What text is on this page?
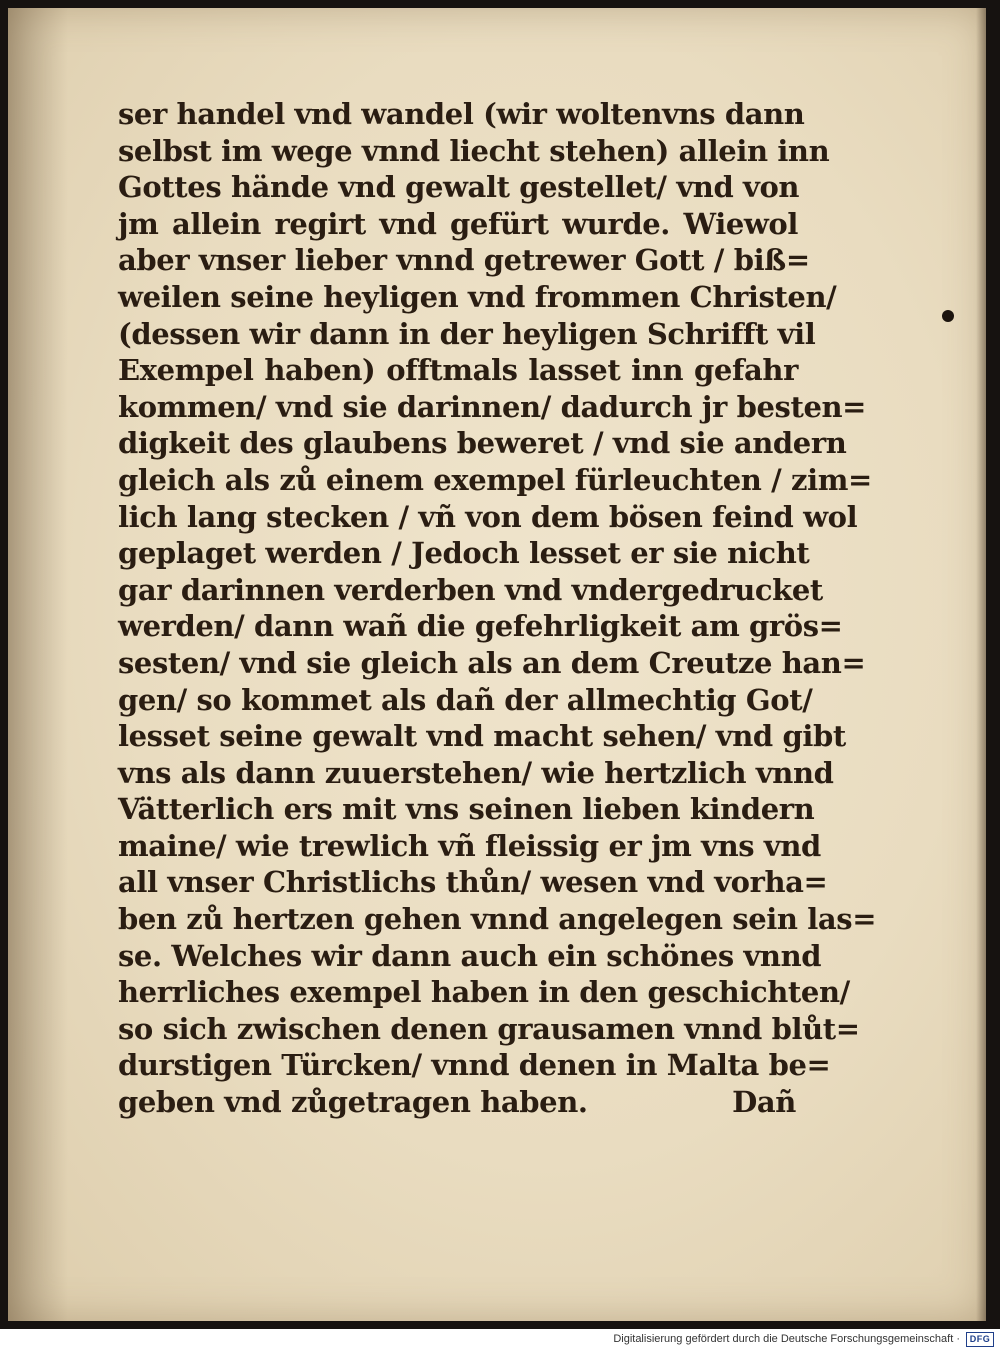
ser handel vnd wandel (wir woltenvns dann
selbst im wege vnnd liecht stehen) allein inn
Gottes hände vnd gewalt gestellet/ vnd von
jm allein regirt vnd gefürt wurde. Wiewol
aber vnser lieber vnnd getrewer Gott / biß=
weilen seine heyligen vnd frommen Christen/
(dessen wir dann in der heyligen Schrifft vil
Exempel haben) offtmals lasset inn gefahr
kommen/ vnd sie darinnen/ dadurch jr besten=
digkeit des glaubens beweret / vnd sie andern
gleich als zů einem exempel fürleuchten / zim=
lich lang stecken / vñ von dem bösen feind wol
geplaget werden / Jedoch lesset er sie nicht
gar darinnen verderben vnd vndergedrucket
werden/ dann wañ die gefehrligkeit am grös=
sesten/ vnd sie gleich als an dem Creutze han=
gen/ so kommet als dañ der allmechtig Got/
lesset seine gewalt vnd macht sehen/ vnd gibt
vns als dann zuuerstehen/ wie hertzlich vnnd
Vätterlich ers mit vns seinen lieben kindern
maine/ wie trewlich vñ fleissig er jm vns vnd
all vnser Christlichs thůn/ wesen vnd vorha=
ben zů hertzen gehen vnnd angelegen sein las=
se. Welches wir dann auch ein schönes vnnd
herrliches exempel haben in den geschichten/
so sich zwischen denen grausamen vnnd blůt=
durstigen Türcken/ vnnd denen in Malta be=
geben vnd zůgetragen haben.	Dañ
Digitalisierung gefördert durch die Deutsche Forschungsgemeinschaft ·	DFG
